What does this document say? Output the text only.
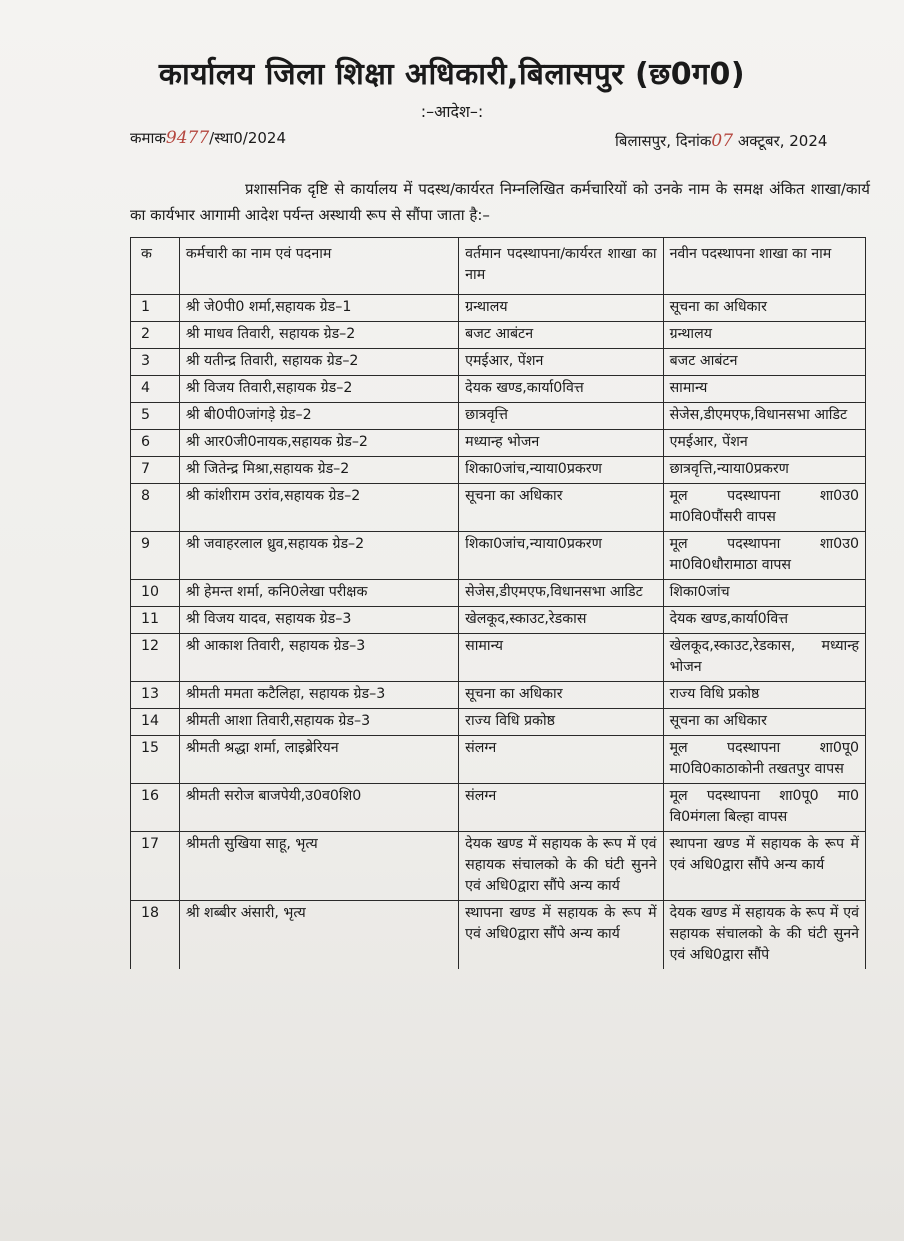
कार्यालय जिला शिक्षा अधिकारी,बिलासपुर (छ0ग0)
:–आदेश–:
कमाक9477/स्था0/2024	बिलासपुर, दिनांक07 अक्टूबर, 2024

प्रशासनिक दृष्टि से कार्यालय में पदस्थ/कार्यरत निम्नलिखित कर्मचारियों को उनके नाम के समक्ष अंकित शाखा/कार्य का कार्यभार आगामी आदेश पर्यन्त अस्थायी रूप से सौंपा जाता है:–

क	कर्मचारी का नाम एवं पदनाम	वर्तमान पदस्थापना/कार्यरत शाखा का नाम	नवीन पदस्थापना शाखा का नाम
1	श्री जे0पी0 शर्मा,सहायक ग्रेड–1	ग्रन्थालय	सूचना का अधिकार
2	श्री माधव तिवारी, सहायक ग्रेड–2	बजट आबंटन	ग्रन्थालय
3	श्री यतीन्द्र तिवारी, सहायक ग्रेड–2	एमईआर, पेंशन	बजट आबंटन
4	श्री विजय तिवारी,सहायक ग्रेड–2	देयक खण्ड,कार्या0वित्त	सामान्य
5	श्री बी0पी0जांगड़े ग्रेड–2	छात्रवृत्ति	सेजेस,डीएमएफ,विधानसभा आडिट
6	श्री आर0जी0नायक,सहायक ग्रेड–2	मध्यान्ह भोजन	एमईआर, पेंशन
7	श्री जितेन्द्र मिश्रा,सहायक ग्रेड–2	शिका0जांच,न्याया0प्रकरण	छात्रवृत्ति,न्याया0प्रकरण
8	श्री कांशीराम उरांव,सहायक ग्रेड–2	सूचना का अधिकार	मूल पदस्थापना शा0उ0 मा0वि0पौंसरी वापस
9	श्री जवाहरलाल ध्रुव,सहायक ग्रेड–2	शिका0जांच,न्याया0प्रकरण	मूल पदस्थापना शा0उ0 मा0वि0धौरामाठा वापस
10	श्री हेमन्त शर्मा, कनि0लेखा परीक्षक	सेजेस,डीएमएफ,विधानसभा आडिट	शिका0जांच
11	श्री विजय यादव, सहायक ग्रेड–3	खेलकूद,स्काउट,रेडकास	देयक खण्ड,कार्या0वित्त
12	श्री आकाश तिवारी, सहायक ग्रेड–3	सामान्य	खेलकूद,स्काउट,रेडकास, मध्यान्ह भोजन
13	श्रीमती ममता कटैलिहा, सहायक ग्रेड–3	सूचना का अधिकार	राज्य विधि प्रकोष्ठ
14	श्रीमती आशा तिवारी,सहायक ग्रेड–3	राज्य विधि प्रकोष्ठ	सूचना का अधिकार
15	श्रीमती श्रद्धा शर्मा, लाइब्रेरियन	संलग्न	मूल पदस्थापना शा0पू0 मा0वि0काठाकोनी तखतपुर वापस
16	श्रीमती सरोज बाजपेयी,उ0व0शि0	संलग्न	मूल पदस्थापना शा0पू0 मा0 वि0मंगला बिल्हा वापस
17	श्रीमती सुखिया साहू, भृत्य	देयक खण्ड में सहायक के रूप में एवं सहायक संचालको के की घंटी सुनने एवं अधि0द्वारा सौंपे अन्य कार्य	स्थापना खण्ड में सहायक के रूप में एवं अधि0द्वारा सौंपे अन्य कार्य
18	श्री शब्बीर अंसारी, भृत्य	स्थापना खण्ड में सहायक के रूप में एवं अधि0द्वारा सौंपे अन्य कार्य	देयक खण्ड में सहायक के रूप में एवं सहायक संचालको के की घंटी सुनने एवं अधि0द्वारा सौंपे
